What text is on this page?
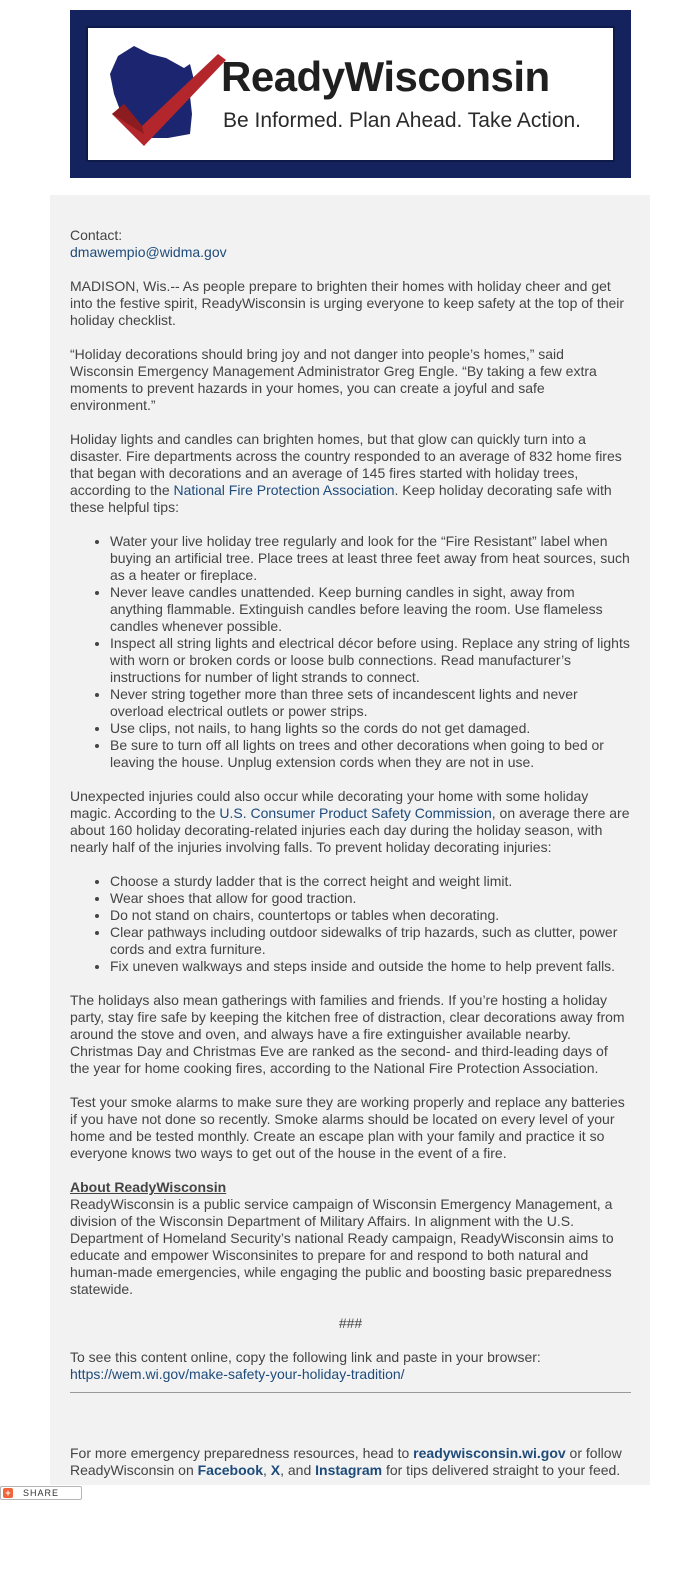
ReadyWisconsin
Be Informed. Plan Ahead. Take Action.

Contact:
dmawempio@widma.gov

MADISON, Wis.-- As people prepare to brighten their homes with holiday cheer and get into the festive spirit, ReadyWisconsin is urging everyone to keep safety at the top of their holiday checklist.

“Holiday decorations should bring joy and not danger into people’s homes,” said Wisconsin Emergency Management Administrator Greg Engle. “By taking a few extra moments to prevent hazards in your homes, you can create a joyful and safe environment.”

Holiday lights and candles can brighten homes, but that glow can quickly turn into a disaster. Fire departments across the country responded to an average of 832 home fires that began with decorations and an average of 145 fires started with holiday trees, according to the National Fire Protection Association. Keep holiday decorating safe with these helpful tips:

• Water your live holiday tree regularly and look for the “Fire Resistant” label when buying an artificial tree. Place trees at least three feet away from heat sources, such as a heater or fireplace.
• Never leave candles unattended. Keep burning candles in sight, away from anything flammable. Extinguish candles before leaving the room. Use flameless candles whenever possible.
• Inspect all string lights and electrical décor before using. Replace any string of lights with worn or broken cords or loose bulb connections. Read manufacturer’s instructions for number of light strands to connect.
• Never string together more than three sets of incandescent lights and never overload electrical outlets or power strips.
• Use clips, not nails, to hang lights so the cords do not get damaged.
• Be sure to turn off all lights on trees and other decorations when going to bed or leaving the house. Unplug extension cords when they are not in use.

Unexpected injuries could also occur while decorating your home with some holiday magic. According to the U.S. Consumer Product Safety Commission, on average there are about 160 holiday decorating-related injuries each day during the holiday season, with nearly half of the injuries involving falls. To prevent holiday decorating injuries:

• Choose a sturdy ladder that is the correct height and weight limit.
• Wear shoes that allow for good traction.
• Do not stand on chairs, countertops or tables when decorating.
• Clear pathways including outdoor sidewalks of trip hazards, such as clutter, power cords and extra furniture.
• Fix uneven walkways and steps inside and outside the home to help prevent falls.

The holidays also mean gatherings with families and friends. If you’re hosting a holiday party, stay fire safe by keeping the kitchen free of distraction, clear decorations away from around the stove and oven, and always have a fire extinguisher available nearby. Christmas Day and Christmas Eve are ranked as the second- and third-leading days of the year for home cooking fires, according to the National Fire Protection Association.

Test your smoke alarms to make sure they are working properly and replace any batteries if you have not done so recently. Smoke alarms should be located on every level of your home and be tested monthly. Create an escape plan with your family and practice it so everyone knows two ways to get out of the house in the event of a fire.

About ReadyWisconsin
ReadyWisconsin is a public service campaign of Wisconsin Emergency Management, a division of the Wisconsin Department of Military Affairs. In alignment with the U.S. Department of Homeland Security’s national Ready campaign, ReadyWisconsin aims to educate and empower Wisconsinites to prepare for and respond to both natural and human-made emergencies, while engaging the public and boosting basic preparedness statewide.

###

To see this content online, copy the following link and paste in your browser:
https://wem.wi.gov/make-safety-your-holiday-tradition/

For more emergency preparedness resources, head to readywisconsin.wi.gov or follow ReadyWisconsin on Facebook, X, and Instagram for tips delivered straight to your feed.

+ SHARE
